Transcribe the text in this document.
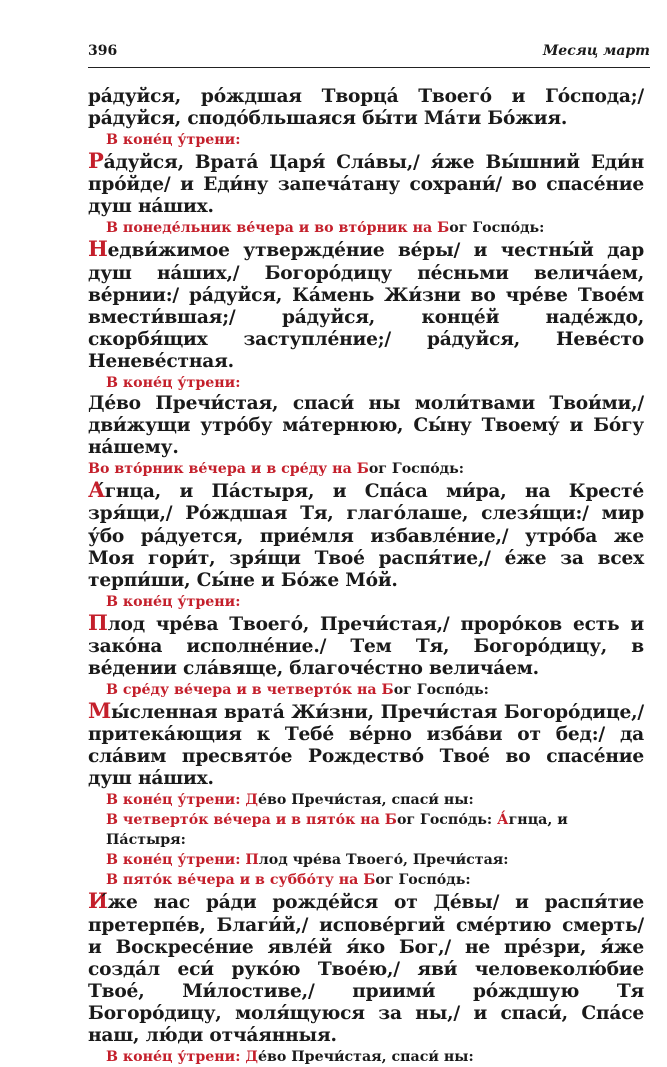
396	Месяц март

ра́дуйся, ро́ждшая Творца́ Твоего́ и Го́спода;/ ра́дуйся, сподо́бльшаяся бы́ти Ма́ти Бо́жия.

В коне́ц у́трени:

Ра́дуйся, Врата́ Царя́ Сла́вы,/ я́же Вы́шний Еди́н про́йде/ и Еди́ну запеча́тану сохрани́/ во спасе́ние душ на́ших.

В понеде́льник ве́чера и во вто́рник на Бог Госпо́дь:

Недви́жимое утвержде́ние ве́ры/ и честны́й дар душ на́ших,/ Богоро́дицу пе́сньми велича́ем, ве́рнии:/ ра́дуйся, Ка́мень Жи́зни во чре́ве Твое́м вмести́вшая;/ ра́дуйся, конце́й наде́ждо, скорбя́щих заступле́ние;/ ра́дуйся, Неве́сто Неневе́стная.

В коне́ц у́трени:

Де́во Пречи́стая, спаси́ ны моли́твами Твои́ми,/ дви́жущи утро́бу ма́тернюю, Сы́ну Твоему́ и Бо́гу на́шему.

Во вто́рник ве́чера и в сре́ду на Бог Госпо́дь:

А́гнца, и Па́стыря, и Спа́са ми́ра, на Кресте́ зря́щи,/ Ро́ждшая Тя, глаго́лаше, слезя́щи:/ мир у́бо ра́дуется, прие́мля избавле́ние,/ утро́ба же Моя гори́т, зря́щи Твое́ распя́тие,/ е́же за всех терпи́ши, Сы́не и Бо́же Мо́й.

В коне́ц у́трени:

Плод чре́ва Твоего́, Пречи́стая,/ проро́ков есть и зако́на исполне́ние./ Тем Тя, Богоро́дицу, в ве́дении сла́вяще, благоче́стно велича́ем.

В сре́ду ве́чера и в четверто́к на Бог Госпо́дь:

Мы́сленная врата́ Жи́зни, Пречи́стая Богоро́дице,/ притека́ющия к Тебе́ ве́рно изба́ви от бед:/ да сла́вим пресвято́е Рождество́ Твое́ во спасе́ние душ на́ших.

В коне́ц у́трени: Де́во Пречи́стая, спаси́ ны:

В четверто́к ве́чера и в пято́к на Бог Госпо́дь: А́гнца, и Па́стыря:

В коне́ц у́трени: Плод чре́ва Твоего́, Пречи́стая:

В пято́к ве́чера и в суббо́ту на Бог Госпо́дь:

И́же нас ра́ди рожде́йся от Де́вы/ и распя́тие претерпе́в, Благи́й,/ испове́ргий сме́ртию смерть/ и Воскресе́ние явле́й я́ко Бог,/ не пре́зри, я́же созда́л еси́ руко́ю Твое́ю,/ яви́ человеколю́бие Твое́, Ми́лостиве,/ приими́ ро́ждшую Тя Богоро́дицу, моля́щуюся за ны,/ и спаси́, Спа́се наш, лю́ди отча́янныя.

В коне́ц у́трени: Де́во Пречи́стая, спаси́ ны:
